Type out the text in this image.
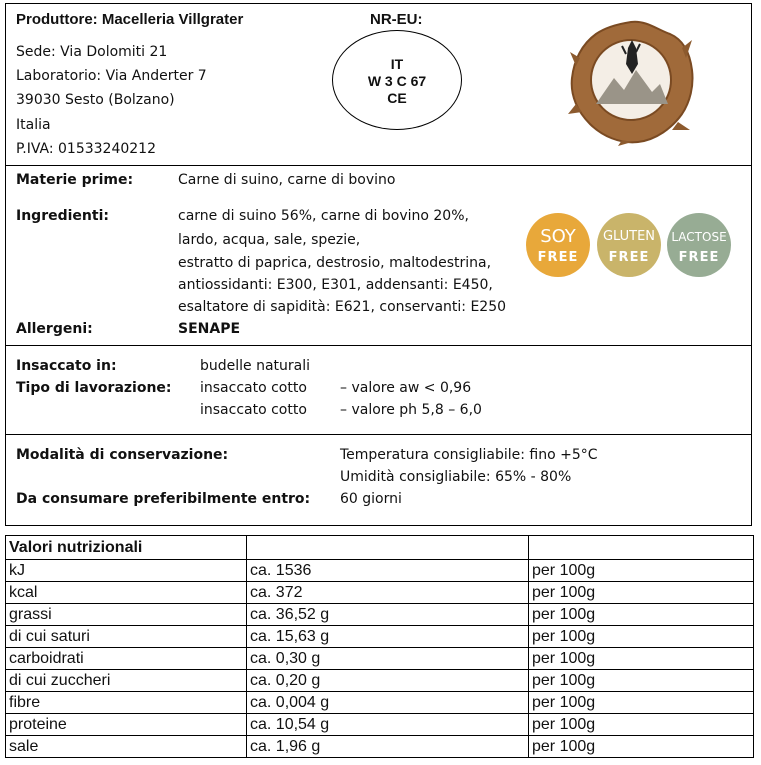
Produttore: Macelleria Villgrater	NR-EU:
Sede: Via Dolomiti 21
Laboratorio: Via Anderter 7
39030 Sesto (Bolzano)
Italia
P.IVA: 01533240212
IT
W 3 C 67
CE
Materie prime:	Carne di suino, carne di bovino
Ingredienti:	carne di suino 56%, carne di bovino 20%,
lardo, acqua, sale, spezie,
estratto di paprica, destrosio, maltodestrina,
antiossidanti: E300, E301, addensanti: E450,
esaltatore di sapidità: E621, conservanti: E250
Allergeni:	SENAPE
SOY
FREE
GLUTEN
FREE
LACTOSE
FREE
Insaccato in:	budelle naturali
Tipo di lavorazione: insaccato cotto – valore aw < 0,96
insaccato cotto – valore ph 5,8 – 6,0
Modalità di conservazione:	Temperatura consigliabile: fino +5°C
Umidità consigliabile: 65% - 80%
Da consumare preferibilmente entro: 60 giorni
Valori nutrizionali		
kJ	ca. 1536	per 100g
kcal	ca. 372	per 100g
grassi	ca. 36,52 g	per 100g
di cui saturi	ca. 15,63 g	per 100g
carboidrati	ca. 0,30 g	per 100g
di cui zuccheri	ca. 0,20 g	per 100g
fibre	ca. 0,004 g	per 100g
proteine	ca. 10,54 g	per 100g
sale	ca. 1,96 g	per 100g
